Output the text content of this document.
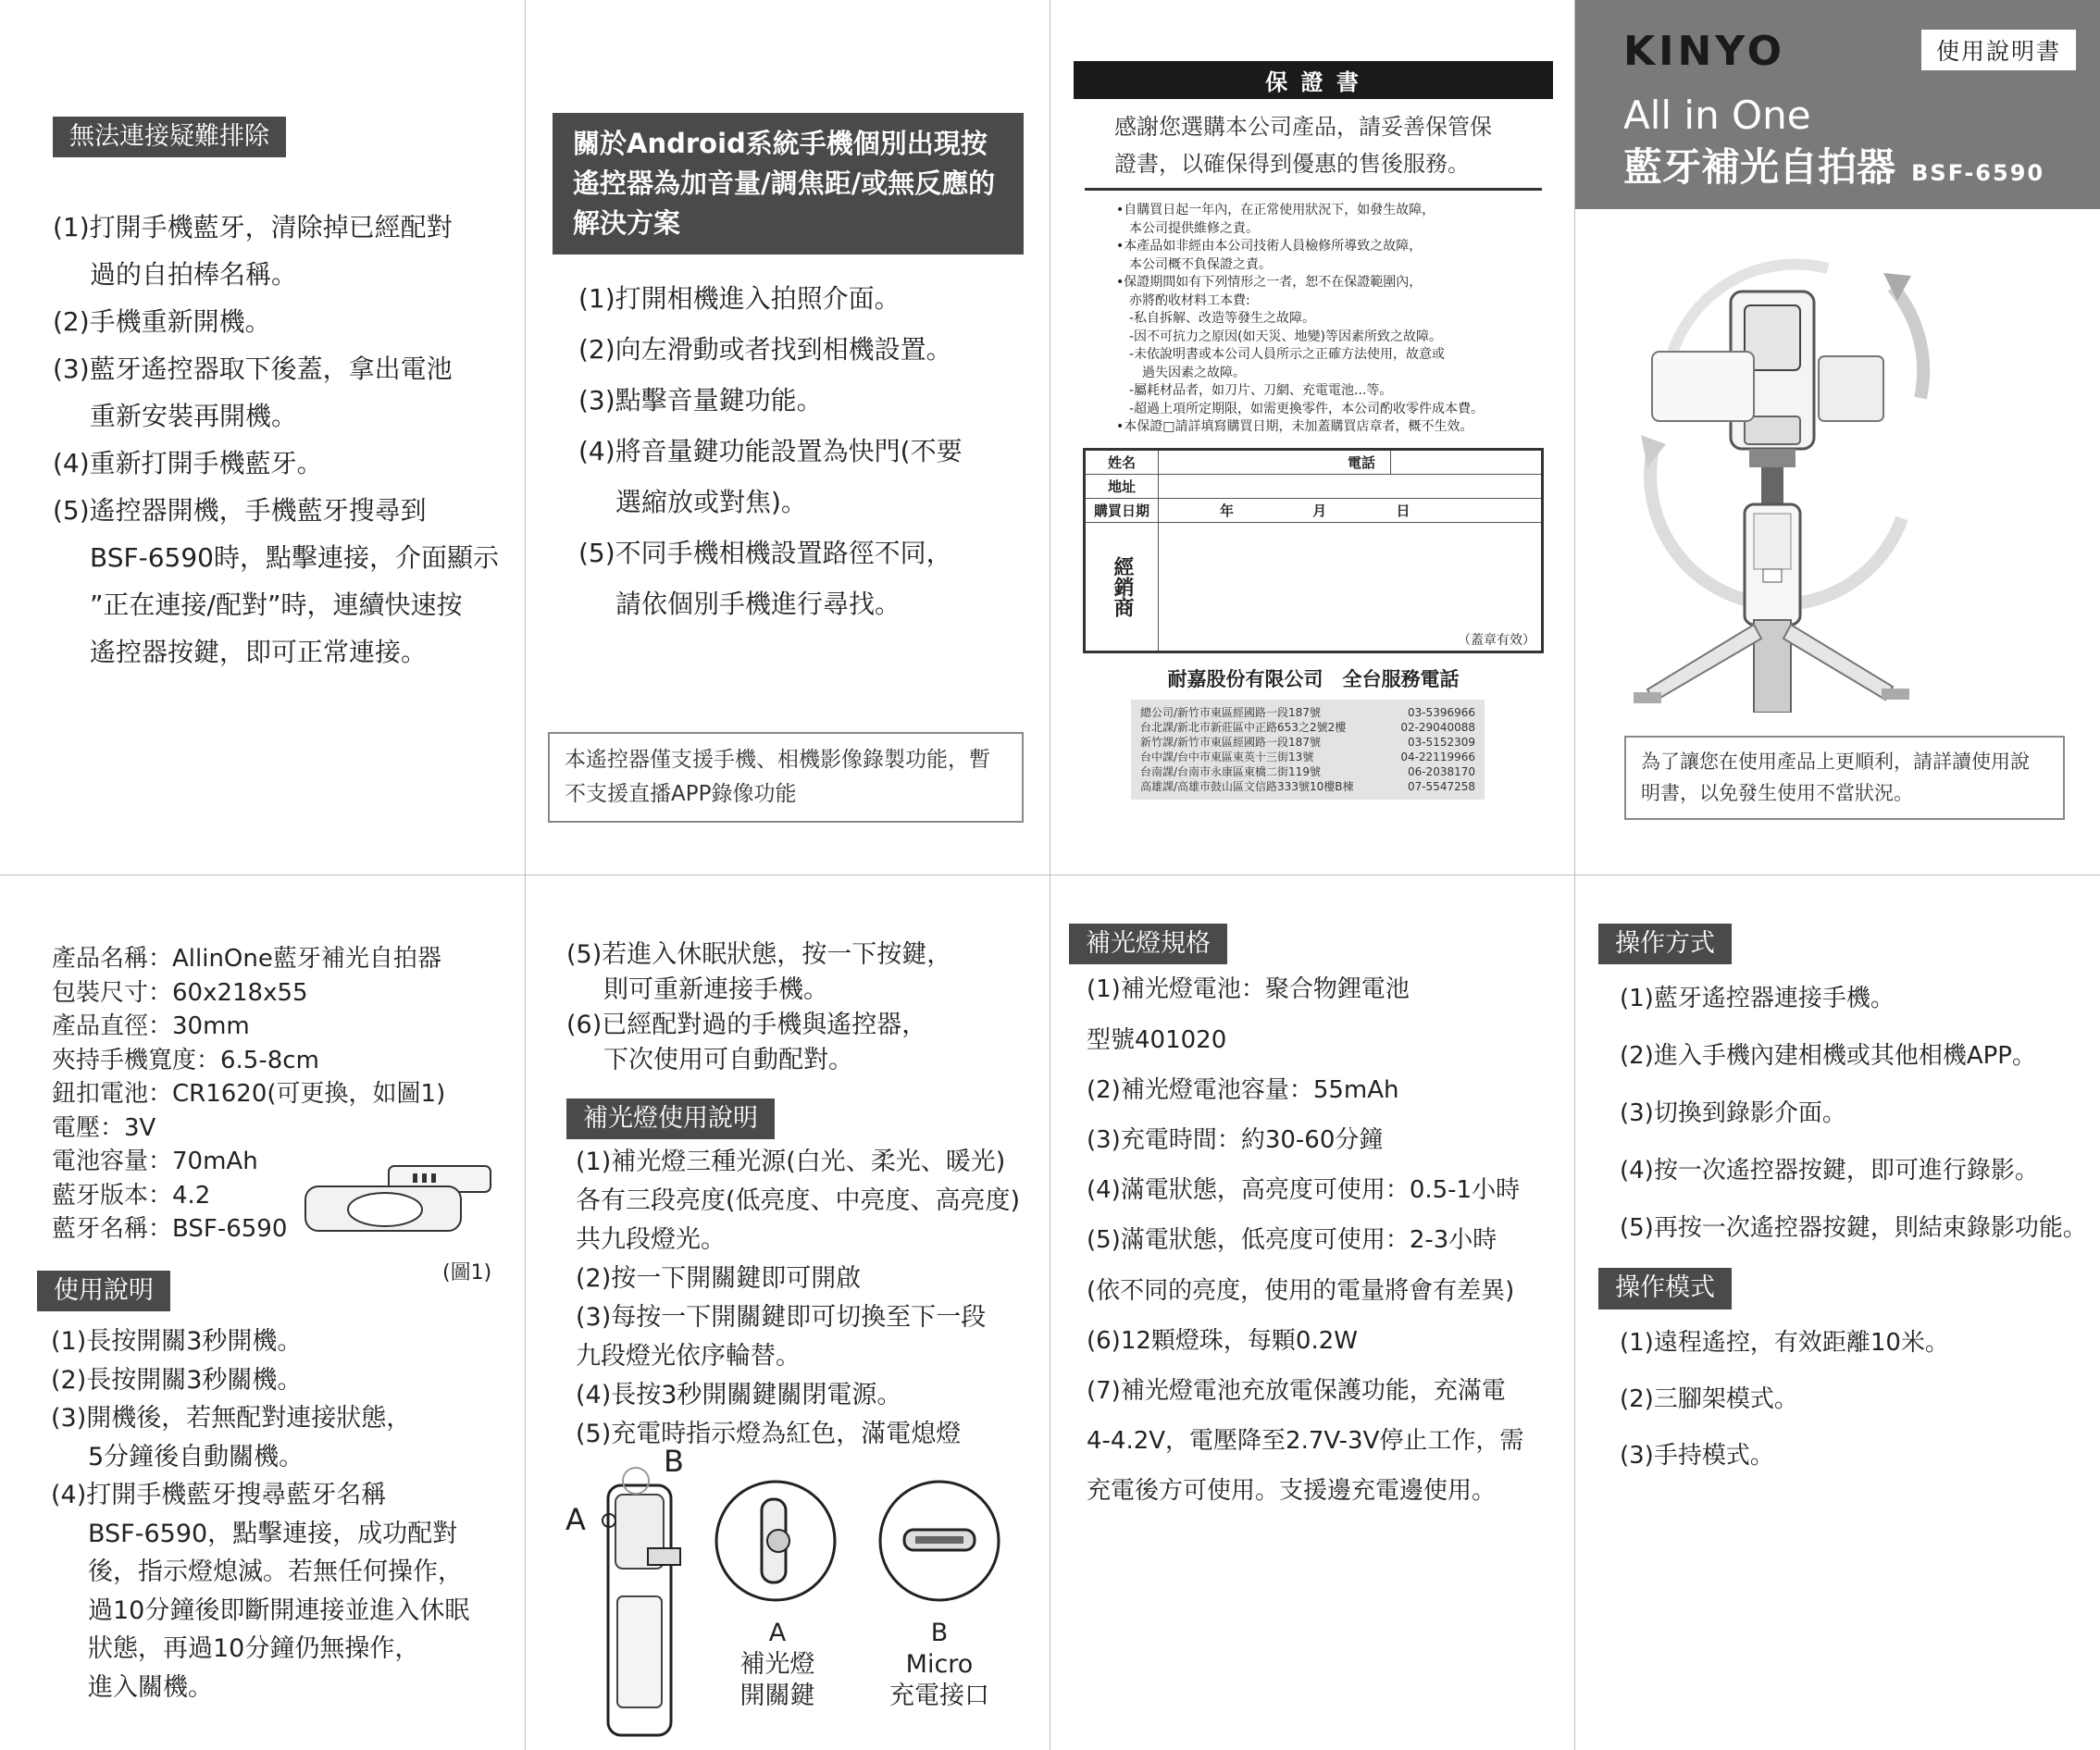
無法連接疑難排除
(1)打開手機藍牙，清除掉已經配對
過的自拍棒名稱。
(2)手機重新開機。
(3)藍牙遙控器取下後蓋，拿出電池
重新安裝再開機。
(4)重新打開手機藍牙。
(5)遙控器開機，手機藍牙搜尋到
BSF-6590時，點擊連接，介面顯示
”正在連接/配對”時，連續快速按
遙控器按鍵，即可正常連接。
關於Android系統手機個別出現按遙控器為加音量/調焦距/或無反應的解決方案
(1)打開相機進入拍照介面。
(2)向左滑動或者找到相機設置。
(3)點擊音量鍵功能。
(4)將音量鍵功能設置為快門(不要
選縮放或對焦)。
(5)不同手機相機設置路徑不同，
請依個別手機進行尋找。
本遙控器僅支援手機、相機影像錄製功能，暫不支援直播APP錄像功能
保 證 書
感謝您選購本公司產品，請妥善保管保
證書，以確保得到優惠的售後服務。
•自購買日起一年內，在正常使用狀況下，如發生故障，
　本公司提供維修之責。
•本產品如非經由本公司技術人員檢修所導致之故障，
　本公司概不負保證之責。
•保證期間如有下列情形之一者，恕不在保證範圍內，
　亦將酌收材料工本費:
　-私自拆解、改造等發生之故障。
　-因不可抗力之原因(如天災、地變)等因素所致之故障。
　-未依說明書或本公司人員所示之正確方法使用，故意或
　　過失因素之故障。
　-屬耗材品者，如刀片、刀網、充電電池...等。
　-超過上項所定期限，如需更換零件，本公司酌收零件成本費。
•本保證□請詳填寫購買日期，未加蓋購買店章者，概不生效。
姓名		電話	
地址			
購買日期	年 月 日		
經銷商	（蓋章有效）		
耐嘉股份有限公司　全台服務電話
總公司/新竹市東區經國路一段187號	03-5396966
台北課/新北市新莊區中正路653之2號2樓	02-29040088
新竹課/新竹市東區經國路一段187號	03-5152309
台中課/台中市東區東英十三街13號	04-22119966
台南課/台南市永康區東橋二街119號	06-2038170
高雄課/高雄市鼓山區文信路333號10樓B棟	07-5547258
KINYO	使用說明書
All in One
藍牙補光自拍器 BSF-6590
為了讓您在使用產品上更順利，請詳讀使用說明書，以免發生使用不當狀況。
產品名稱：AllinOne藍牙補光自拍器
包裝尺寸：60x218x55
產品直徑：30mm
夾持手機寬度：6.5-8cm
鈕扣電池：CR1620(可更換，如圖1)
電壓：3V
電池容量：70mAh
藍牙版本：4.2
藍牙名稱：BSF-6590
(圖1)
使用說明
(1)長按開關3秒開機。
(2)長按開關3秒關機。
(3)開機後，若無配對連接狀態，
5分鐘後自動關機。
(4)打開手機藍牙搜尋藍牙名稱
BSF-6590，點擊連接，成功配對
後，指示燈熄滅。若無任何操作，
過10分鐘後即斷開連接並進入休眠
狀態，再過10分鐘仍無操作，
進入關機。
(5)若進入休眠狀態，按一下按鍵，
則可重新連接手機。
(6)已經配對過的手機與遙控器，
下次使用可自動配對。
補光燈使用說明
(1)補光燈三種光源(白光、柔光、暖光)
各有三段亮度(低亮度、中亮度、高亮度)
共九段燈光。
(2)按一下開關鍵即可開啟
(3)每按一下開關鍵即可切換至下一段
九段燈光依序輪替。
(4)長按3秒開關鍵關閉電源。
(5)充電時指示燈為紅色，滿電熄燈
B
A
A
補光燈
開關鍵
B
Micro
充電接口
補光燈規格
(1)補光燈電池：聚合物鋰電池
型號401020
(2)補光燈電池容量：55mAh
(3)充電時間：約30-60分鐘
(4)滿電狀態，高亮度可使用：0.5-1小時
(5)滿電狀態，低亮度可使用：2-3小時
(依不同的亮度，使用的電量將會有差異)
(6)12顆燈珠，每顆0.2W
(7)補光燈電池充放電保護功能，充滿電
4-4.2V，電壓降至2.7V-3V停止工作，需
充電後方可使用。支援邊充電邊使用。
操作方式
(1)藍牙遙控器連接手機。
(2)進入手機內建相機或其他相機APP。
(3)切換到錄影介面。
(4)按一次遙控器按鍵，即可進行錄影。
(5)再按一次遙控器按鍵，則結束錄影功能。
操作模式
(1)遠程遙控，有效距離10米。
(2)三腳架模式。
(3)手持模式。
